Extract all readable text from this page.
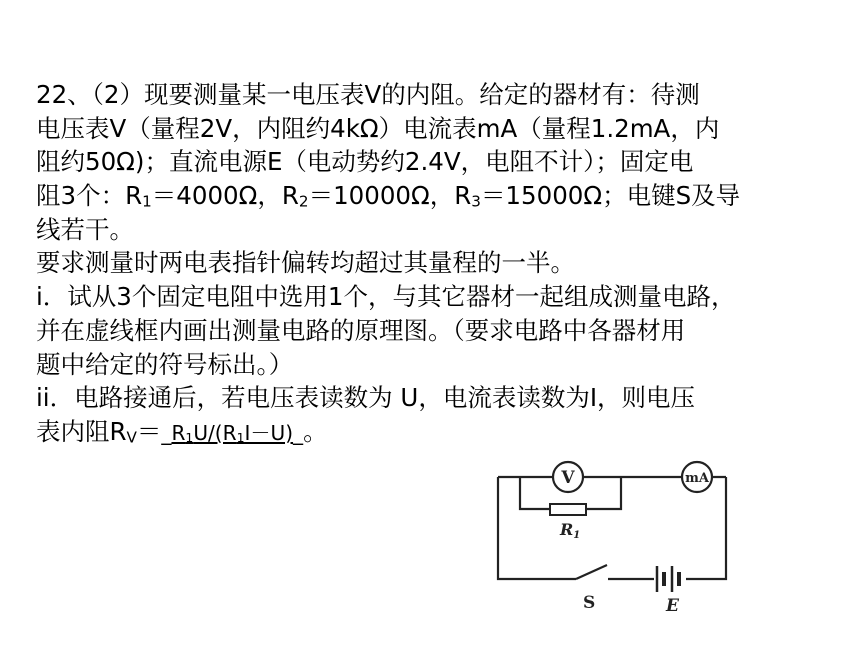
22、（2）现要测量某一电压表V的内阻。给定的器材有：待测
电压表V（量程2V，内阻约4kΩ）电流表mA（量程1.2mA，内
阻约50Ω)；直流电源E（电动势约2.4V，电阻不计）；固定电
阻3个：$R_1=4000\Omega$，$R_2=10000\Omega$，$R_3=15000\Omega$；电键S及导
线若干。
要求测量时两电表指针偏转均超过其量程的一半。
i．试从3个固定电阻中选用1个，与其它器材一起组成测量电路，
并在虚线框内画出测量电路的原理图。（要求电路中各器材用
题中给定的符号标出。）
ii．电路接通后，若电压表读数为 U，电流表读数为I，则电压
表内阻$R_V=\_R_1U/(R_1I-U)\_$。
R1
V	mA
S	E
